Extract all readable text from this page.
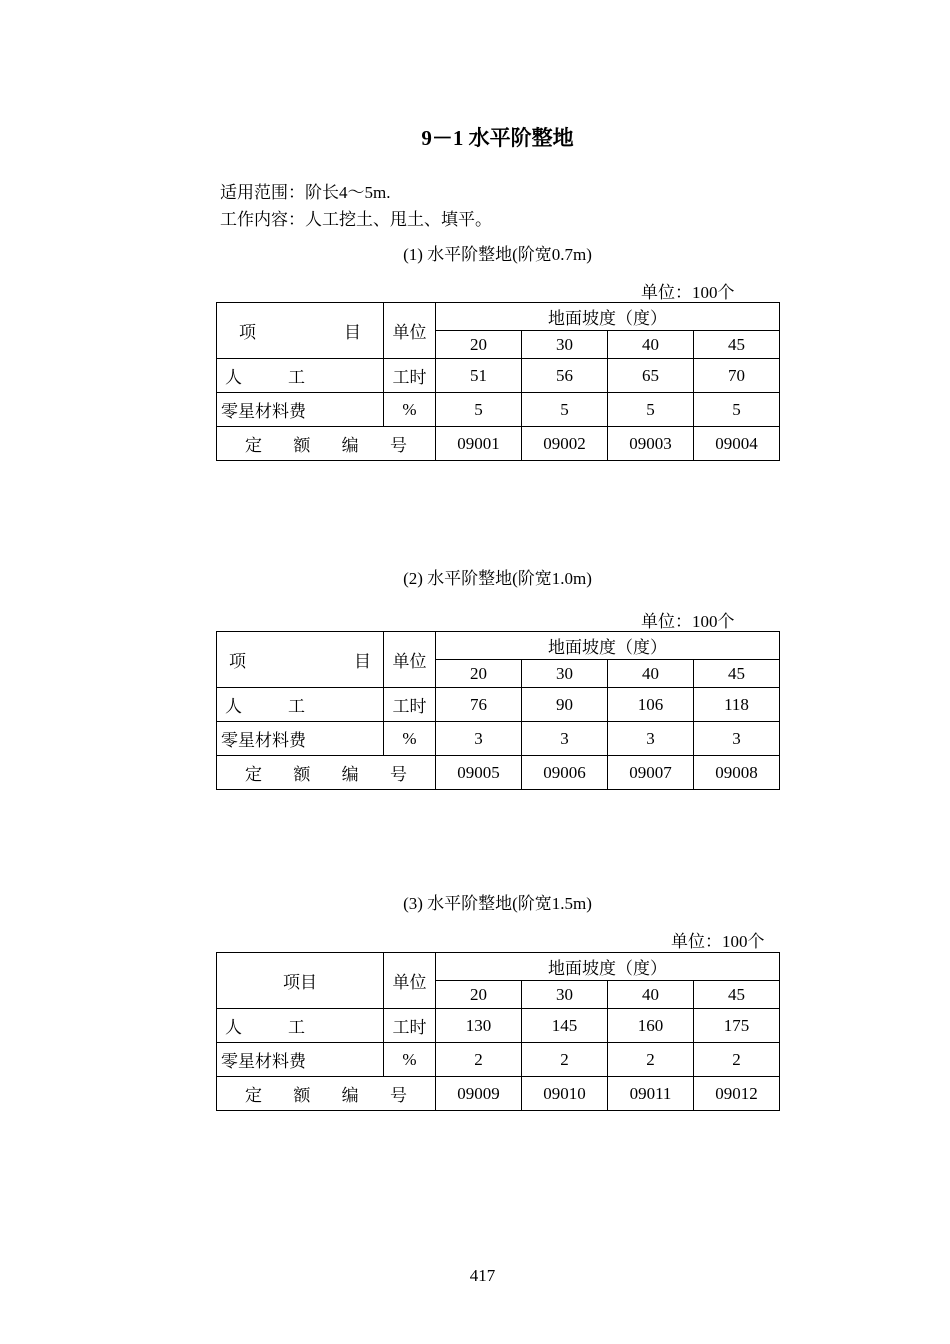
9－1 水平阶整地
适用范围：阶长4～5m.
工作内容：人工挖土、甩土、填平。
(1) 水平阶整地(阶宽0.7m)
单位：100个
项 目	单位	地面坡度（度）			
		20	30	40	45

人 工	工时	51	56	65	70
零星材料费	%	5	5	5	5

定 额 编 号		09001	09002	09003	09004
(2) 水平阶整地(阶宽1.0m)
单位：100个
项 目	单位	地面坡度（度）			
		20	30	40	45

人 工	工时	76	90	106	118
零星材料费	%	3	3	3	3

定 额 编 号		09005	09006	09007	09008
(3) 水平阶整地(阶宽1.5m)
单位：100个
项目	单位	地面坡度（度）			
		20	30	40	45

人 工	工时	130	145	160	175
零星材料费	%	2	2	2	2

定 额 编 号		09009	09010	09011	09012
417
